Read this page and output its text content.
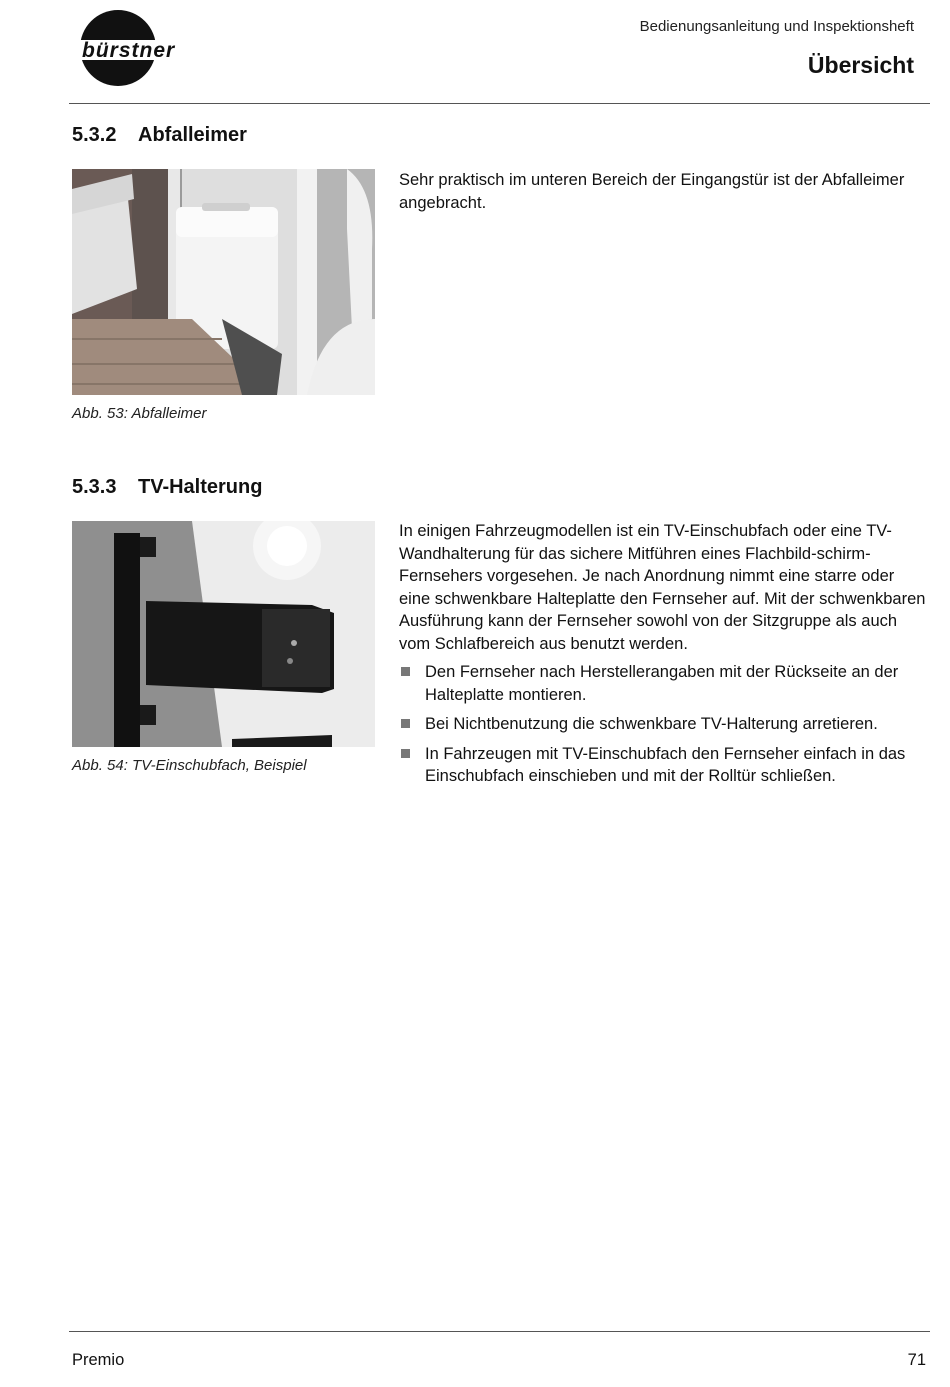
bürstner
Bedienungsanleitung und Inspektionsheft
Übersicht
5.3.2 Abfalleimer
Abb. 53: Abfalleimer

Sehr praktisch im unteren Bereich der Eingangstür ist der Abfalleimer angebracht.

5.3.3 TV-Halterung
Abb. 54: TV-Einschubfach, Beispiel

In einigen Fahrzeugmodellen ist ein TV-Einschubfach oder eine TV-Wandhalterung für das sichere Mitführen eines Flachbild-schirm-Fernsehers vorgesehen. Je nach Anordnung nimmt eine starre oder eine schwenkbare Halteplatte den Fernseher auf. Mit der schwenkbaren Ausführung kann der Fernseher sowohl von der Sitzgruppe als auch vom Schlafbereich aus benutzt werden.

Den Fernseher nach Herstellerangaben mit der Rückseite an der Halteplatte montieren.
Bei Nichtbenutzung die schwenkbare TV-Halterung arretieren.
In Fahrzeugen mit TV-Einschubfach den Fernseher einfach in das Einschubfach einschieben und mit der Rolltür schließen.
Premio	71
